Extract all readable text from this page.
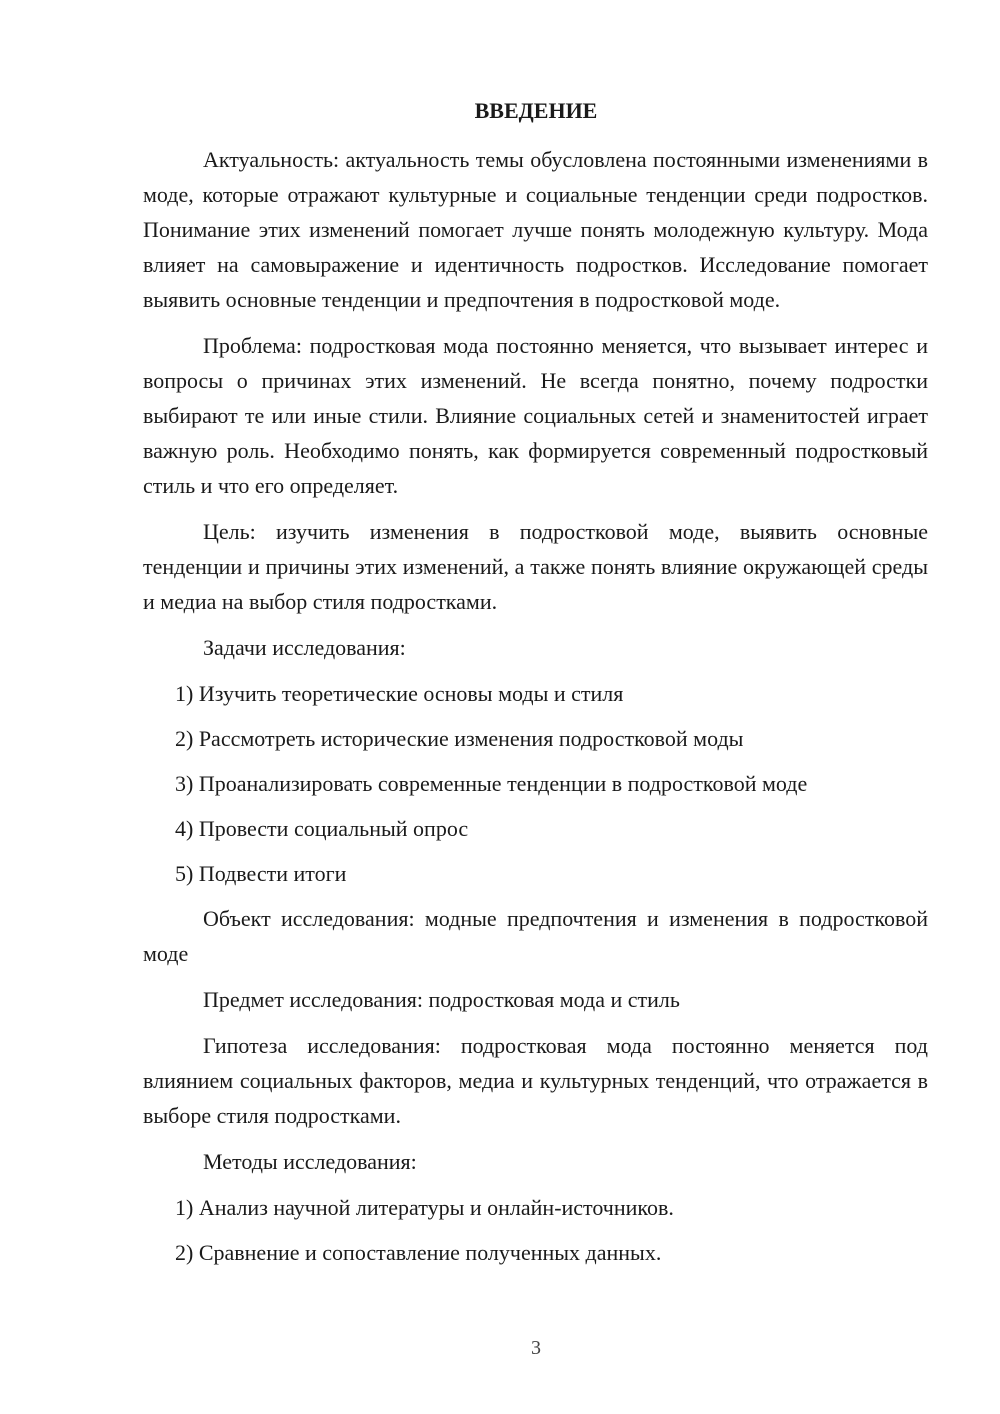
ВВЕДЕНИЕ

Актуальность: актуальность темы обусловлена постоянными изменениями в моде, которые отражают культурные и социальные тенденции среди подростков. Понимание этих изменений помогает лучше понять молодежную культуру. Мода влияет на самовыражение и идентичность подростков. Исследование помогает выявить основные тенденции и предпочтения в подростковой моде.

Проблема: подростковая мода постоянно меняется, что вызывает интерес и вопросы о причинах этих изменений. Не всегда понятно, почему подростки выбирают те или иные стили. Влияние социальных сетей и знаменитостей играет важную роль. Необходимо понять, как формируется современный подростковый стиль и что его определяет.

Цель: изучить изменения в подростковой моде, выявить основные тенденции и причины этих изменений, а также понять влияние окружающей среды и медиа на выбор стиля подростками.

Задачи исследования:

1) Изучить теоретические основы моды и стиля

2) Рассмотреть исторические изменения подростковой моды

3) Проанализировать современные тенденции в подростковой моде

4) Провести социальный опрос

5) Подвести итоги

Объект исследования: модные предпочтения и изменения в подростковой моде

Предмет исследования: подростковая мода и стиль

Гипотеза исследования: подростковая мода постоянно меняется под влиянием социальных факторов, медиа и культурных тенденций, что отражается в выборе стиля подростками.

Методы исследования:

1) Анализ научной литературы и онлайн-источников.

2) Сравнение и сопоставление полученных данных.

3
